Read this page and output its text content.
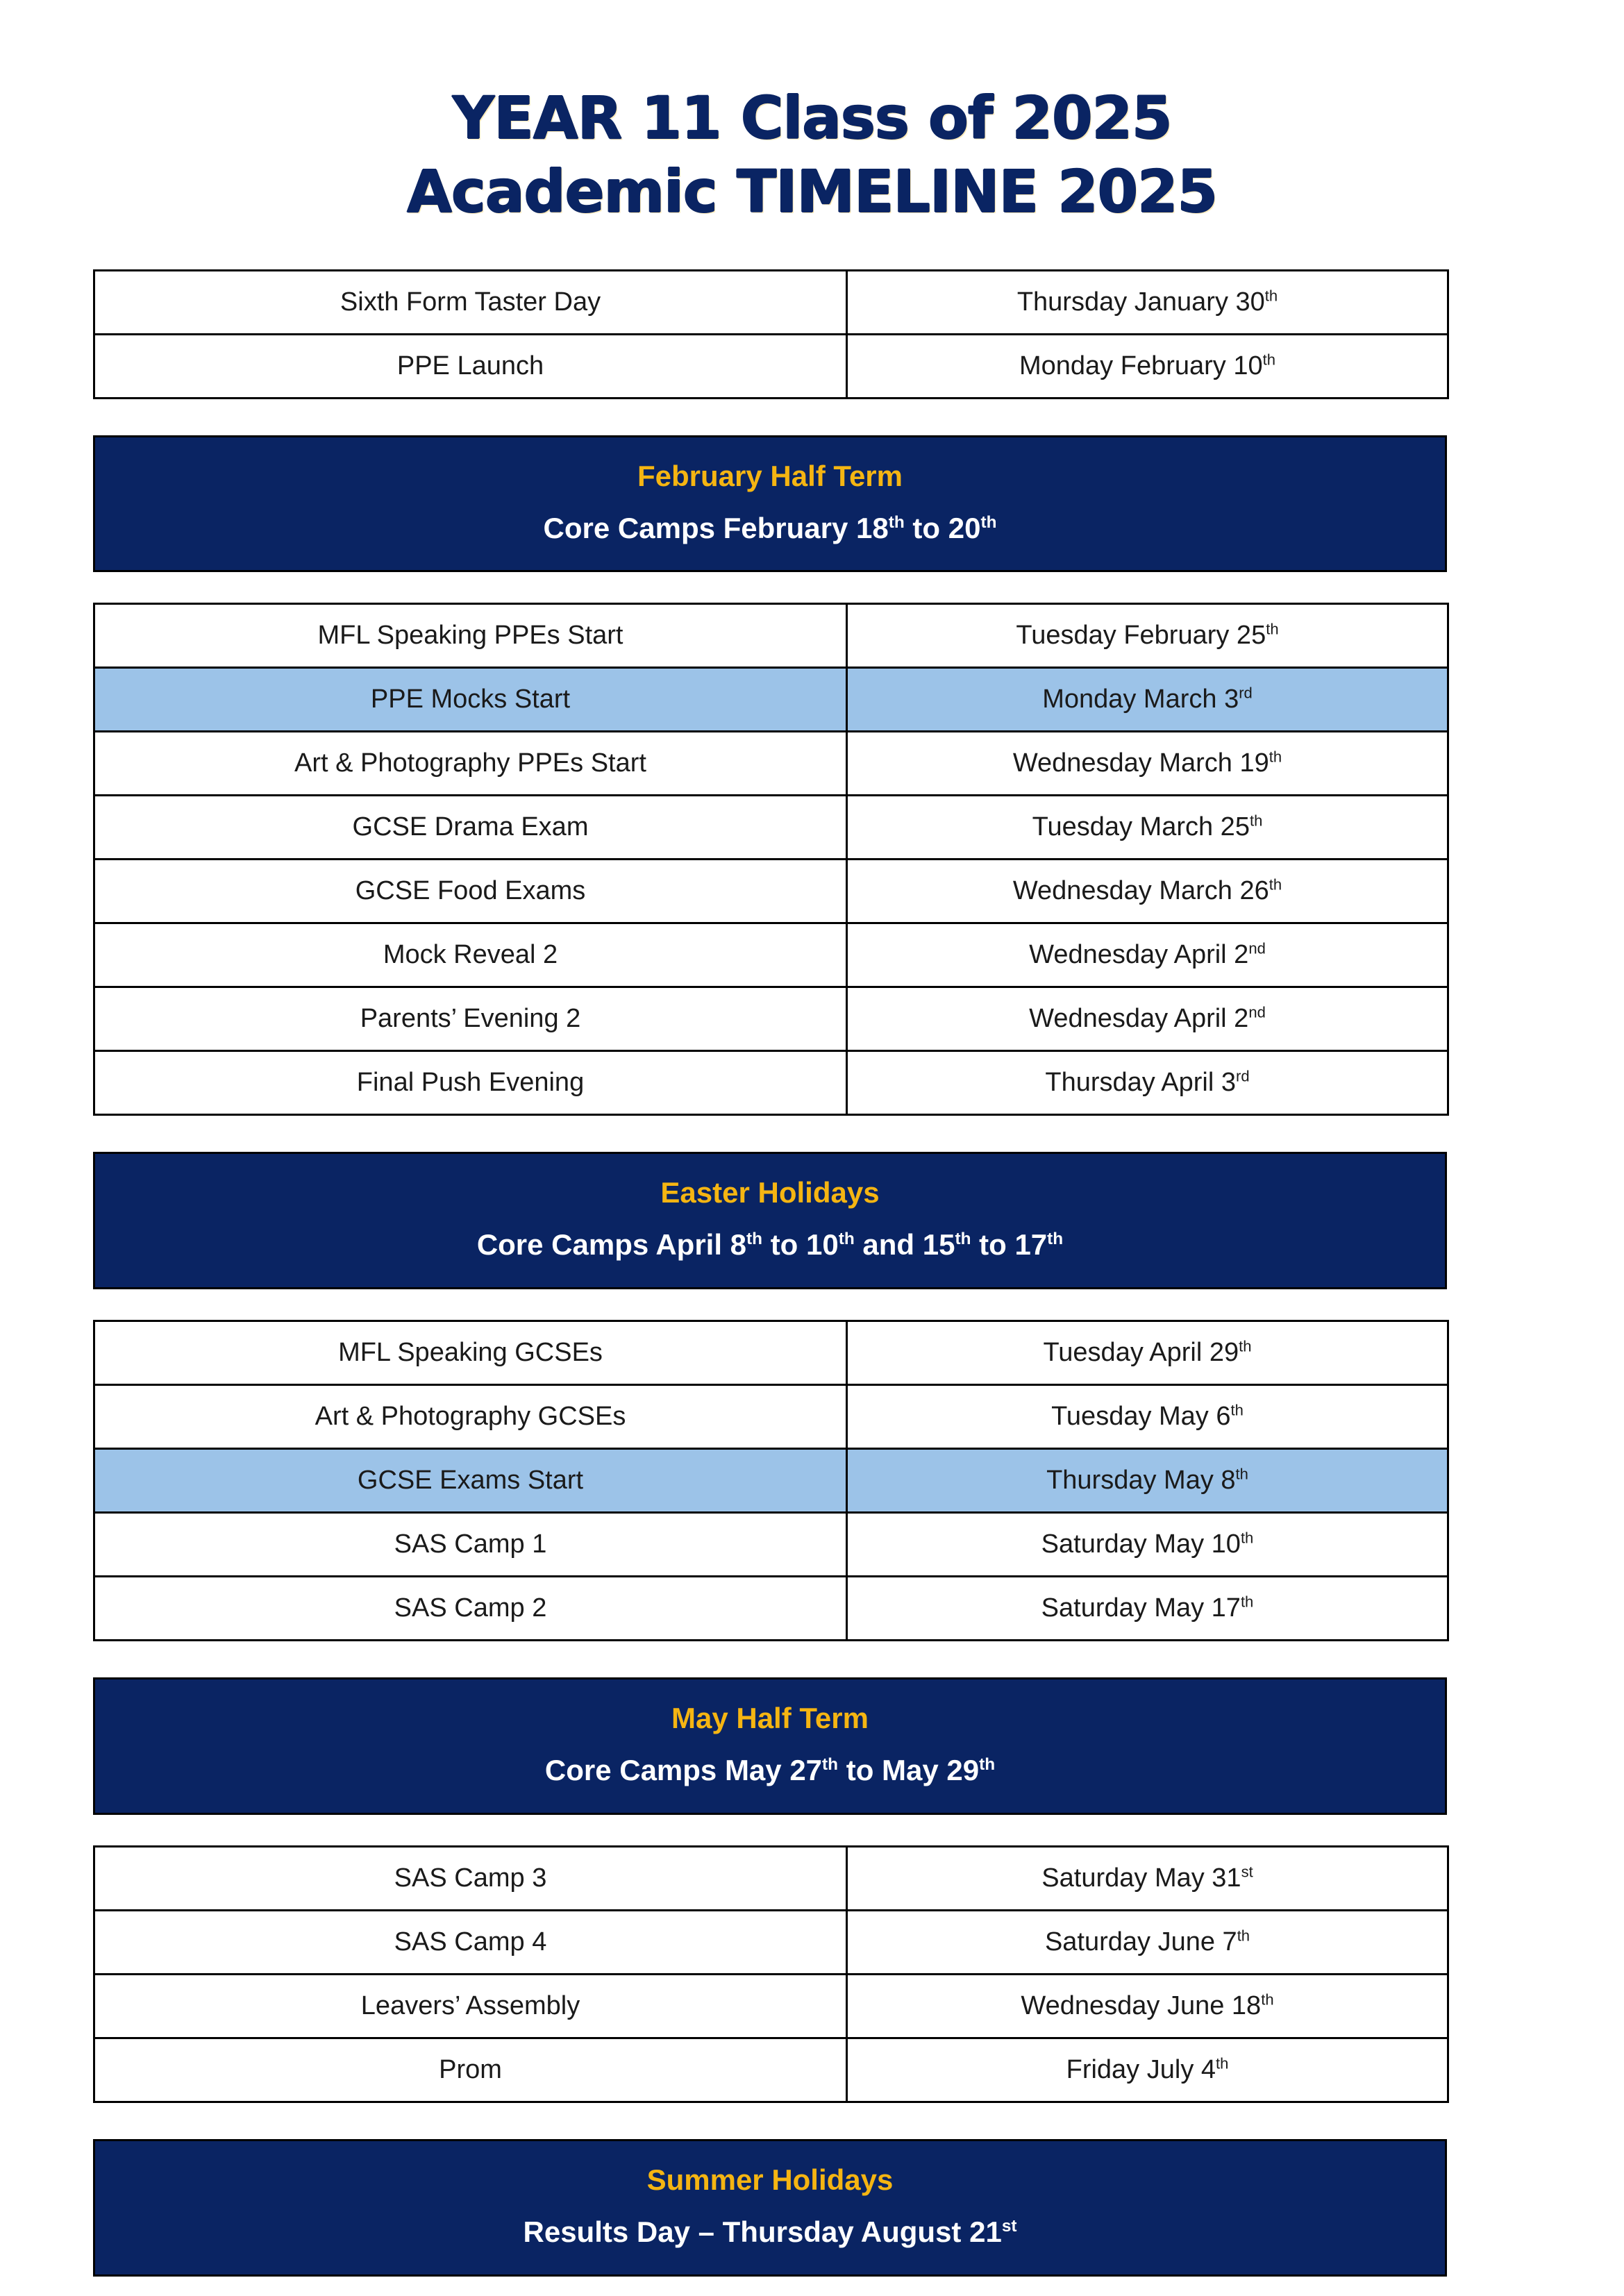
YEAR 11 Class of 2025
Academic TIMELINE 2025
Sixth Form Taster Day	Thursday January 30th
PPE Launch	Monday February 10th
February Half Term
Core Camps February 18th to 20th
MFL Speaking PPEs Start	Tuesday February 25th
PPE Mocks Start	Monday March 3rd
Art & Photography PPEs Start	Wednesday March 19th
GCSE Drama Exam	Tuesday March 25th
GCSE Food Exams	Wednesday March 26th
Mock Reveal 2	Wednesday April 2nd
Parents’ Evening 2	Wednesday April 2nd
Final Push Evening	Thursday April 3rd
Easter Holidays
Core Camps April 8th to 10th and 15th to 17th
MFL Speaking GCSEs	Tuesday April 29th
Art & Photography GCSEs	Tuesday May 6th
GCSE Exams Start	Thursday May 8th
SAS Camp 1	Saturday May 10th
SAS Camp 2	Saturday May 17th
May Half Term
Core Camps May 27th to May 29th
SAS Camp 3	Saturday May 31st
SAS Camp 4	Saturday June 7th
Leavers’ Assembly	Wednesday June 18th
Prom	Friday July 4th
Summer Holidays
Results Day – Thursday August 21st
